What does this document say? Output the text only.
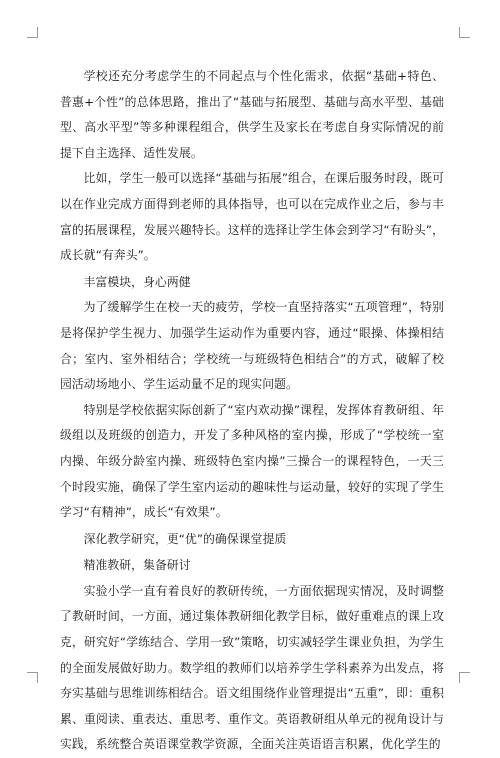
学校还充分考虑学生的不同起点与个性化需求，依据“基础+特色、普惠+个性”的总体思路，推出了“基础与拓展型、基础与高水平型、基础型、高水平型”等多种课程组合，供学生及家长在考虑自身实际情况的前提下自主选择、适性发展。

比如，学生一般可以选择“基础与拓展”组合，在课后服务时段，既可以在作业完成方面得到老师的具体指导，也可以在完成作业之后，参与丰富的拓展课程，发展兴趣特长。这样的选择让学生体会到学习“有盼头”，成长就“有奔头”。

丰富模块，身心两健

为了缓解学生在校一天的疲劳，学校一直坚持落实“五项管理”，特别是将保护学生视力、加强学生运动作为重要内容，通过“眼操、体操相结合；室内、室外相结合；学校统一与班级特色相结合”的方式，破解了校园活动场地小、学生运动量不足的现实问题。

特别是学校依据实际创新了“室内欢动操”课程，发挥体育教研组、年级组以及班级的创造力，开发了多种风格的室内操，形成了“学校统一室内操、年级分龄室内操、班级特色室内操”三操合一的课程特色，一天三个时段实施，确保了学生室内运动的趣味性与运动量，较好的实现了学生学习“有精神”，成长“有效果”。

深化教学研究，更“优”的确保课堂提质

精准教研，集备研讨

实验小学一直有着良好的教研传统，一方面依据现实情况，及时调整了教研时间，一方面，通过集体教研细化教学目标，做好重难点的课上攻克，研究好“学练结合、学用一致”策略，切实减轻学生课业负担，为学生的全面发展做好助力。数学组的教师们以培养学生学科素养为出发点，将夯实基础与思维训练相结合。语文组围绕作业管理提出“五重”，即：重积累、重阅读、重表达、重思考、重作文。英语教研组从单元的视角设计与实践，系统整合英语课堂教学资源，全面关注英语语言积累，优化学生的
